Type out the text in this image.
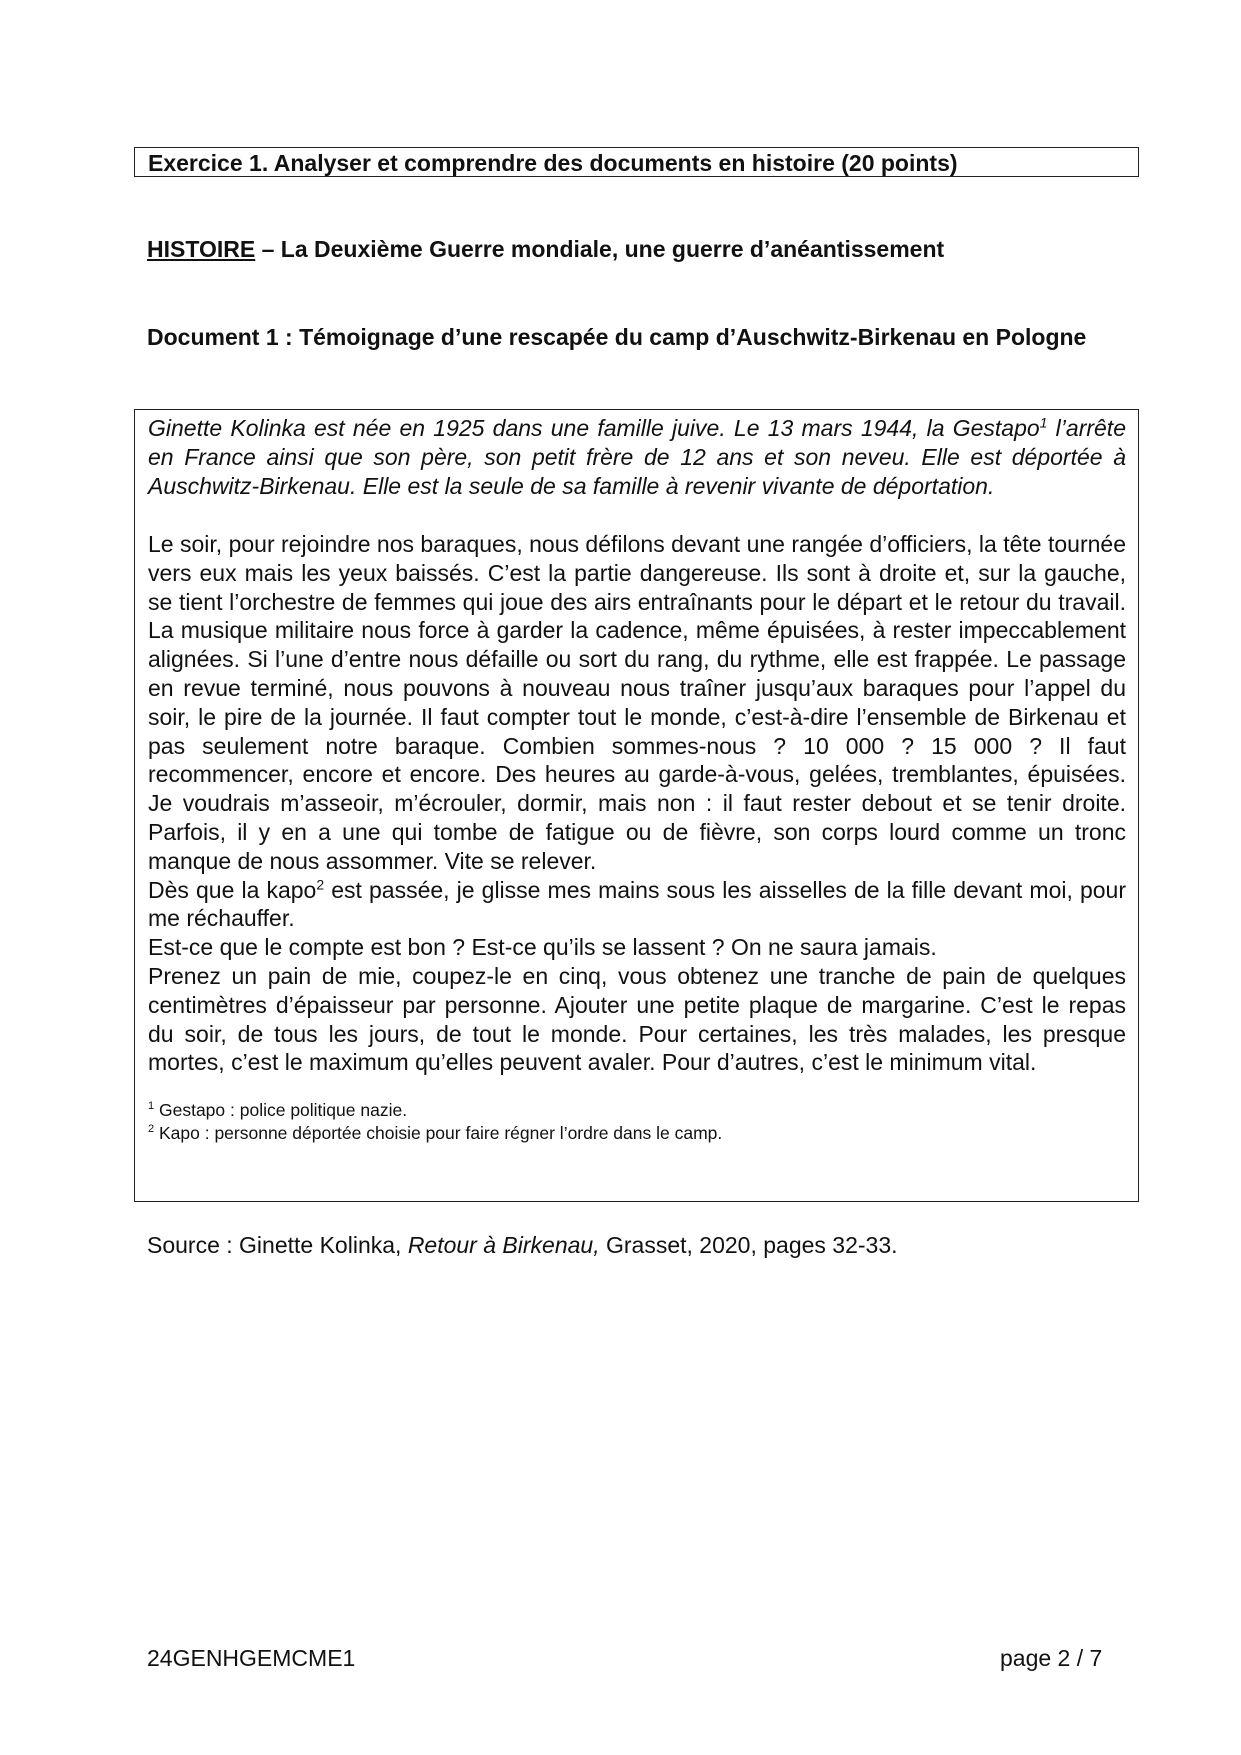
Exercice 1. Analyser et comprendre des documents en histoire (20 points)
HISTOIRE – La Deuxième Guerre mondiale, une guerre d’anéantissement
Document 1 : Témoignage d’une rescapée du camp d’Auschwitz-Birkenau en Pologne

Ginette Kolinka est née en 1925 dans une famille juive. Le 13 mars 1944, la Gestapo$^1$ l’arrête en France ainsi que son père, son petit frère de 12 ans et son neveu. Elle est déportée à Auschwitz-Birkenau. Elle est la seule de sa famille à revenir vivante de déportation.

Le soir, pour rejoindre nos baraques, nous défilons devant une rangée d’officiers, la tête tournée vers eux mais les yeux baissés. C’est la partie dangereuse. Ils sont à droite et, sur la gauche, se tient l’orchestre de femmes qui joue des airs entraînants pour le départ et le retour du travail. La musique militaire nous force à garder la cadence, même épuisées, à rester impeccablement alignées. Si l’une d’entre nous défaille ou sort du rang, du rythme, elle est frappée. Le passage en revue terminé, nous pouvons à nouveau nous traîner jusqu’aux baraques pour l’appel du soir, le pire de la journée. Il faut compter tout le monde, c’est-à-dire l’ensemble de Birkenau et pas seulement notre baraque. Combien sommes-nous ? 10 000 ? 15 000 ? Il faut recommencer, encore et encore. Des heures au garde-à-vous, gelées, tremblantes, épuisées. Je voudrais m’asseoir, m’écrouler, dormir, mais non : il faut rester debout et se tenir droite. Parfois, il y en a une qui tombe de fatigue ou de fièvre, son corps lourd comme un tronc manque de nous assommer. Vite se relever.

Dès que la kapo$^2$ est passée, je glisse mes mains sous les aisselles de la fille devant moi, pour me réchauffer.

Est-ce que le compte est bon ? Est-ce qu’ils se lassent ? On ne saura jamais.

Prenez un pain de mie, coupez-le en cinq, vous obtenez une tranche de pain de quelques centimètres d’épaisseur par personne. Ajouter une petite plaque de margarine. C’est le repas du soir, de tous les jours, de tout le monde. Pour certaines, les très malades, les presque mortes, c’est le maximum qu’elles peuvent avaler. Pour d’autres, c’est le minimum vital.

$^1$ Gestapo : police politique nazie.
$^2$ Kapo : personne déportée choisie pour faire régner l’ordre dans le camp.
Source : Ginette Kolinka, Retour à Birkenau, Grasset, 2020, pages 32-33.
24GENHGEMCME1	page 2 / 7
